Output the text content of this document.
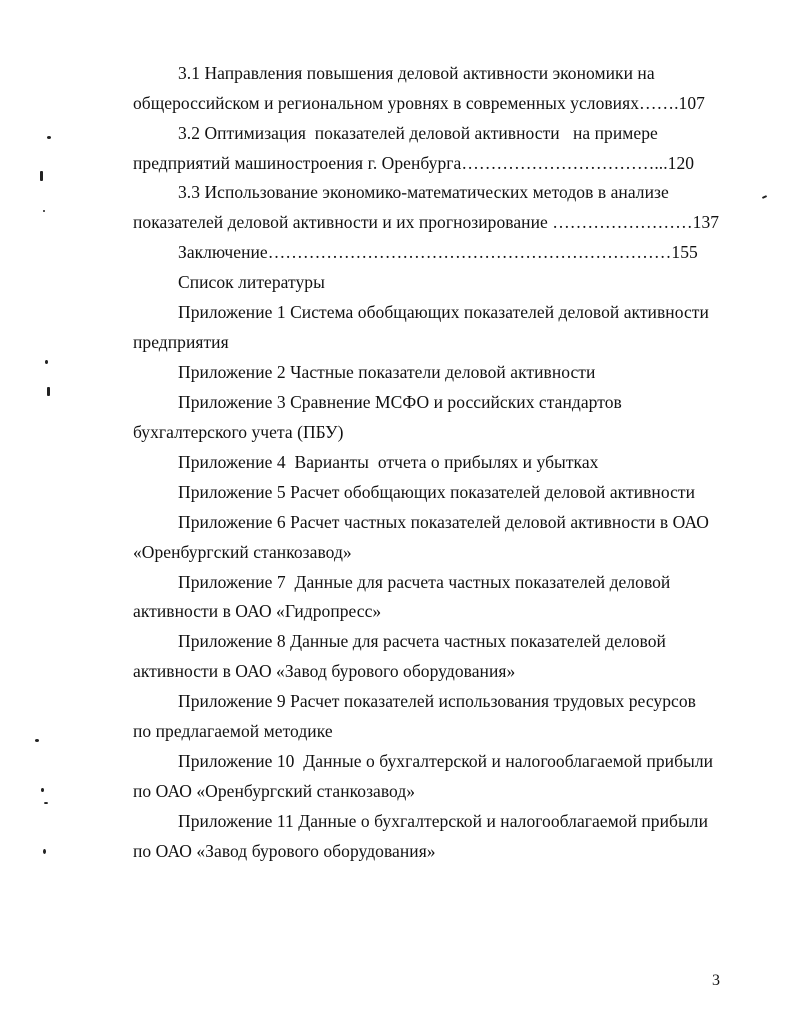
3.1 Направления повышения деловой активности экономики на
общероссийском и региональном уровнях в современных условиях…….107
3.2 Оптимизация  показателей деловой активности   на примере
предприятий машиностроения г. Оренбурга……………………………...120
3.3 Использование экономико-математических методов в анализе
показателей деловой активности и их прогнозирование ……………………137
Заключение……………………………………………………………155
Список литературы
Приложение 1 Система обобщающих показателей деловой активности
предприятия
Приложение 2 Частные показатели деловой активности
Приложение 3 Сравнение МСФО и российских стандартов
бухгалтерского учета (ПБУ)
Приложение 4  Варианты  отчета о прибылях и убытках
Приложение 5 Расчет обобщающих показателей деловой активности
Приложение 6 Расчет частных показателей деловой активности в ОАО
«Оренбургский станкозавод»
Приложение 7  Данные для расчета частных показателей деловой
активности в ОАО «Гидропресс»
Приложение 8 Данные для расчета частных показателей деловой
активности в ОАО «Завод бурового оборудования»
Приложение 9 Расчет показателей использования трудовых ресурсов
по предлагаемой методике
Приложение 10  Данные о бухгалтерской и налогооблагаемой прибыли
по ОАО «Оренбургский станкозавод»
Приложение 11 Данные о бухгалтерской и налогооблагаемой прибыли
по ОАО «Завод бурового оборудования»
3
